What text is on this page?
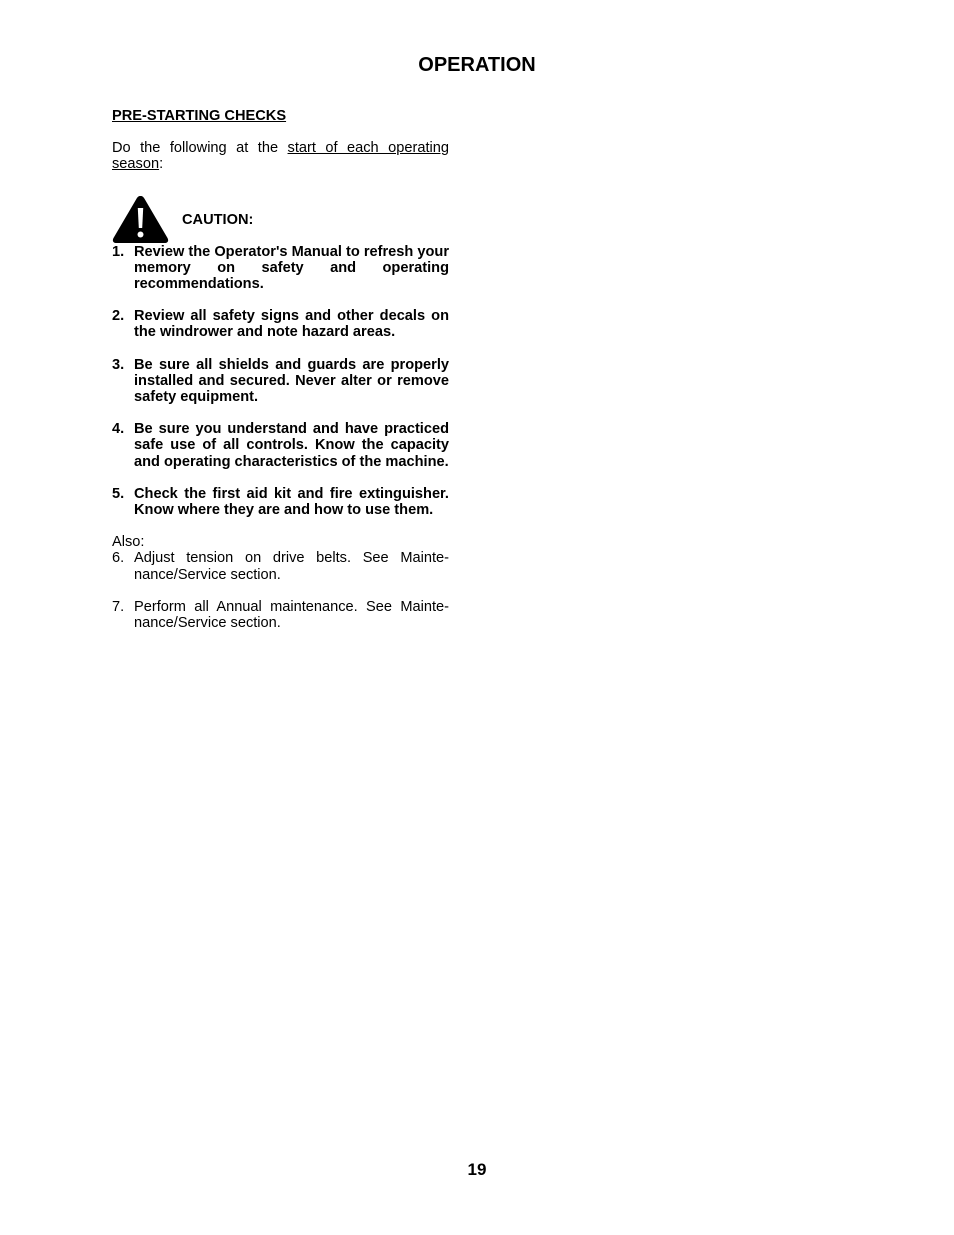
OPERATION
PRE-STARTING CHECKS
Do the following at the start of each operating season:
CAUTION:
1. Review the Operator's Manual to refresh your memory on safety and operating recommendations.
2. Review all safety signs and other decals on the windrower and note hazard areas.
3. Be sure all shields and guards are properly installed and secured. Never alter or remove safety equipment.
4. Be sure you understand and have practiced safe use of all controls. Know the capacity and operating characteristics of the machine.
5. Check the first aid kit and fire extinguisher. Know where they are and how to use them.
Also:
6. Adjust tension on drive belts. See Mainte-nance/Service section.
7. Perform all Annual maintenance. See Mainte-nance/Service section.
19
